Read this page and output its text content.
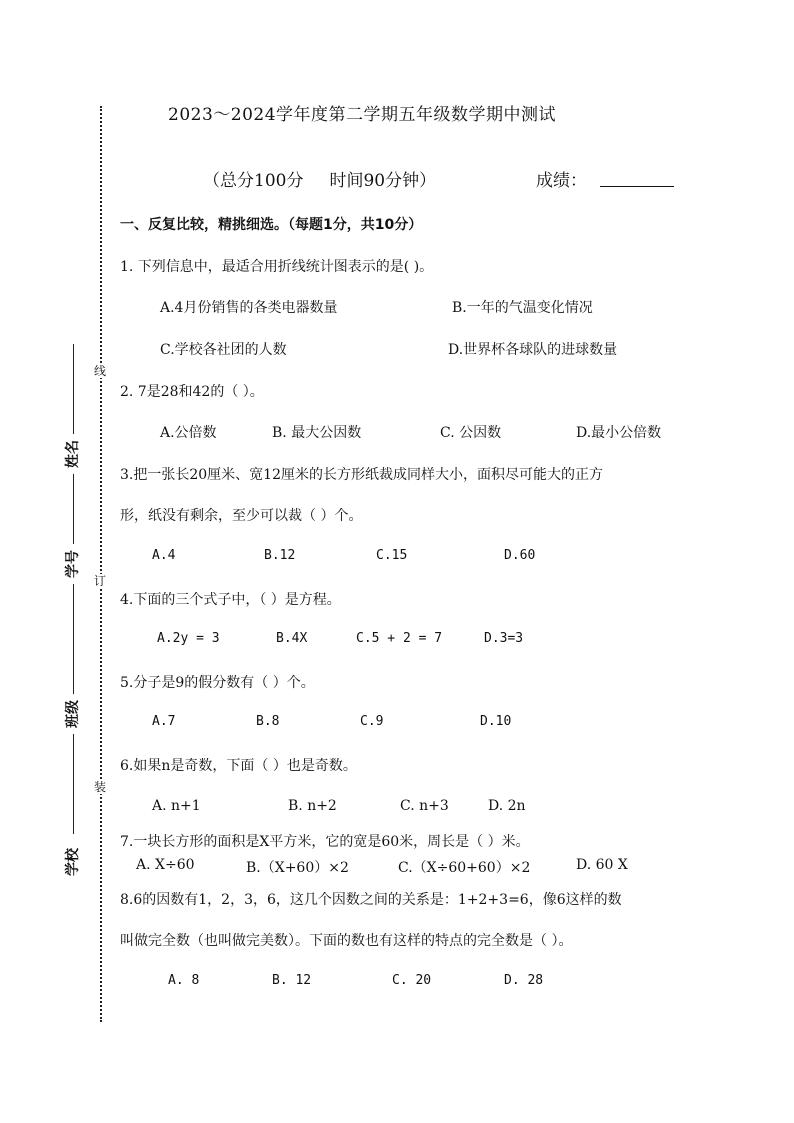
线
订
装
姓名
学号
班级
学校
2023～2024学年度第二学期五年级数学期中测试
（总分100分 时间90分钟）	成绩：
一、反复比较，精挑细选。（每题1分，共10分）
1. 下列信息中，最适合用折线统计图表示的是( )。
A.4月份销售的各类电器数量	B.一年的气温变化情况
C.学校各社团的人数	D.世界杯各球队的进球数量
2. 7是28和42的（ ）。
A.公倍数	B. 最大公因数	C. 公因数	D.最小公倍数
3.把一张长20厘米、宽12厘米的长方形纸裁成同样大小，面积尽可能大的正方
形，纸没有剩余，至少可以裁（ ）个。
A.4	B.12	C.15	D.60
4.下面的三个式子中，（ ）是方程。
A.2y = 3	B.4X	C.5 + 2 = 7	D.3=3
5.分子是9的假分数有（ ）个。
A.7	B.8	C.9	D.10
6.如果n是奇数，下面（ ）也是奇数。
A. n+1	B. n+2	C. n+3	D. 2n
7.一块长方形的面积是X平方米，它的宽是60米，周长是（ ）米。
A. X÷60	B.（X+60）×2	C.（X÷60+60）×2	D. 60 X
8.6的因数有1，2，3，6，这几个因数之间的关系是：1+2+3=6，像6这样的数
叫做完全数（也叫做完美数）。下面的数也有这样的特点的完全数是（ ）。
A. 8	B. 12	C. 20	D. 28
